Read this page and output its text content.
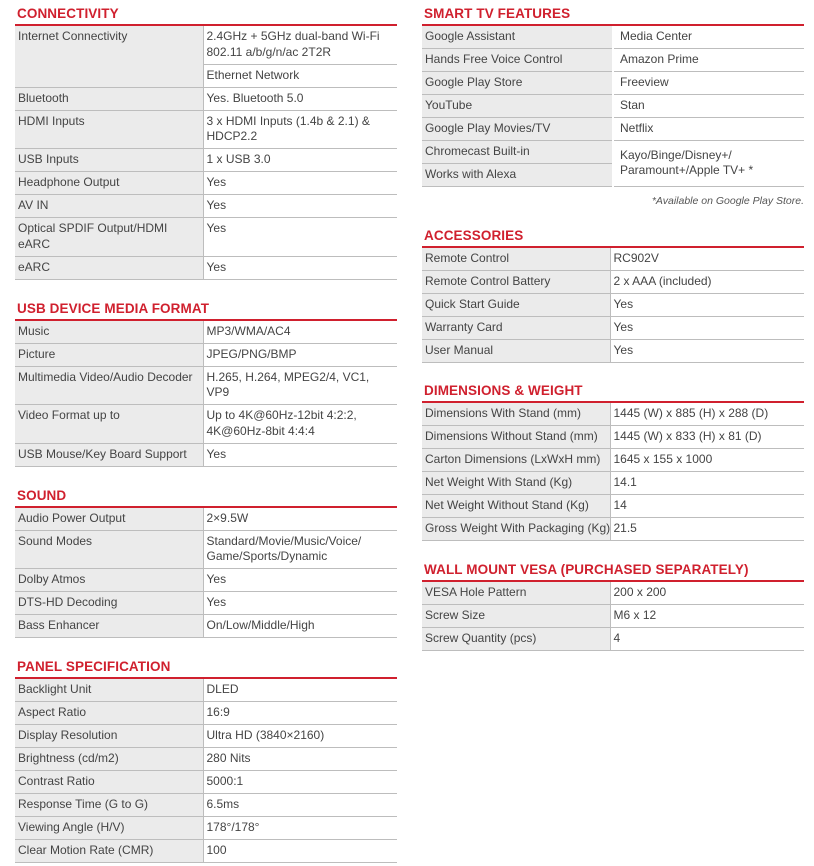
CONNECTIVITY
Internet Connectivity	2.4GHz + 5GHz dual-band Wi-Fi 802.11 a/b/g/n/ac 2T2R
	Ethernet Network
Bluetooth	Yes. Bluetooth 5.0
HDMI Inputs	3 x HDMI Inputs (1.4b & 2.1) & HDCP2.2
USB Inputs	1 x USB 3.0
Headphone Output	Yes
AV IN	Yes
Optical SPDIF Output/HDMI eARC	Yes
eARC	Yes
USB DEVICE MEDIA FORMAT
Music	MP3/WMA/AC4
Picture	JPEG/PNG/BMP
Multimedia Video/Audio Decoder	H.265, H.264, MPEG2/4, VC1, VP9
Video Format up to	Up to 4K@60Hz-12bit 4:2:2, 4K@60Hz-8bit 4:4:4
USB Mouse/Key Board Support	Yes
SOUND
Audio Power Output	2×9.5W
Sound Modes	Standard/Movie/Music/Voice/ Game/Sports/Dynamic
Dolby Atmos	Yes
DTS-HD Decoding	Yes
Bass Enhancer	On/Low/Middle/High
PANEL SPECIFICATION
Backlight Unit	DLED
Aspect Ratio	16:9
Display Resolution	Ultra HD (3840×2160)
Brightness (cd/m2)	280 Nits
Contrast Ratio	5000:1
Response Time (G to G)	6.5ms
Viewing Angle (H/V)	178°/178°
Clear Motion Rate (CMR)	100
SMART TV FEATURES
Google Assistant	Media Center
Hands Free Voice Control	Amazon Prime
Google Play Store	Freeview
YouTube	Stan
Google Play Movies/TV	Netflix
Chromecast Built-in	Kayo/Binge/Disney+/ Paramount+/Apple TV+ *
Works with Alexa	
*Available on Google Play Store.
ACCESSORIES
Remote Control	RC902V
Remote Control Battery	2 x AAA (included)
Quick Start Guide	Yes
Warranty Card	Yes
User Manual	Yes
DIMENSIONS & WEIGHT
Dimensions With Stand (mm)	1445 (W) x 885 (H) x 288 (D)
Dimensions Without Stand (mm)	1445 (W) x 833 (H) x 81 (D)
Carton Dimensions (LxWxH mm)	1645 x 155 x 1000
Net Weight With Stand (Kg)	14.1
Net Weight Without Stand (Kg)	14
Gross Weight With Packaging (Kg)	21.5
WALL MOUNT VESA (PURCHASED SEPARATELY)
VESA Hole Pattern	200 x 200
Screw Size	M6 x 12
Screw Quantity (pcs)	4
